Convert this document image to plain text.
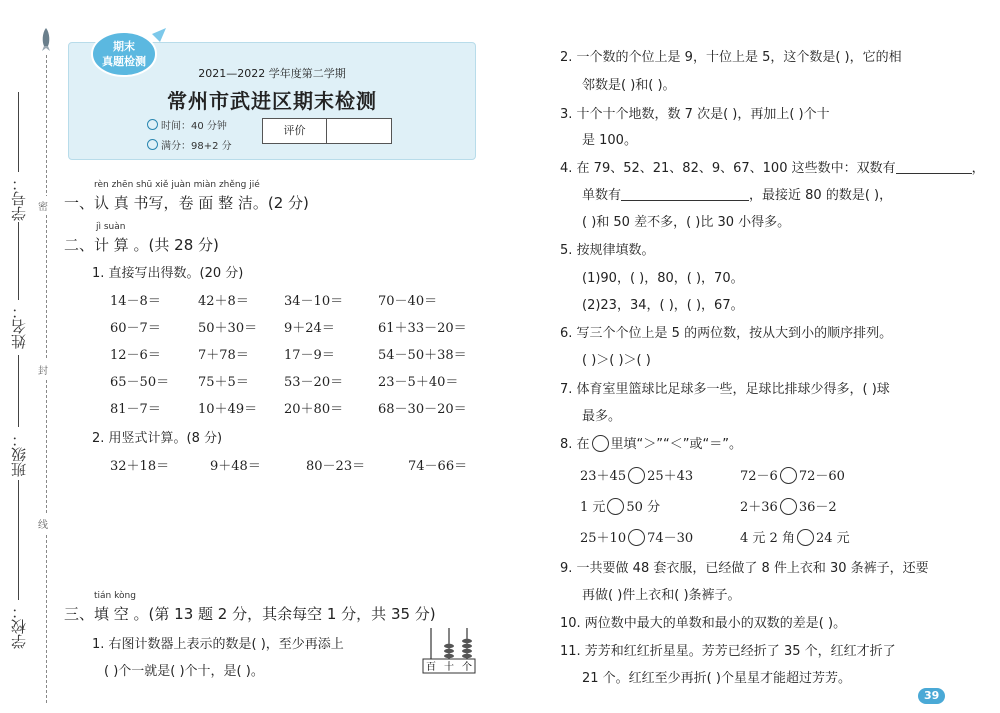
密
封
线
学号：
姓名：
班级：
学校：
2021—2022 学年度第二学期
常州市武进区期末检测
时间：40 分钟
满分：98+2 分
期末
真题检测
评价
rèn zhēn shū xiě juàn miàn zhěng jié
一、认 真 书写，卷 面 整 洁。(2 分)
jì suàn
二、计 算 。(共 28 分)
1. 直接写出得数。(20 分)
14－8＝	42＋8＝	34－10＝	70－40＝
60－7＝	50＋30＝ 9＋24＝	61＋33－20＝
12－6＝	7＋78＝	17－9＝	54－50＋38＝
65－50＝ 75＋5＝	53－20＝	23－5＋40＝
81－7＝	10＋49＝ 20＋80＝	68－30－20＝
2. 用竖式计算。(8 分)
32＋18＝	9＋48＝	80－23＝	74－66＝
tián kòng
三、填 空 。(第 13 题 2 分，其余每空 1 分，共 35 分)
1. 右图计数器上表示的数是( )，至少再添上
( )个一就是( )个十，是( )。	百 十 个
2. 一个数的个位上是 9，十位上是 5，这个数是( )，它的相
邻数是( )和( )。
3. 十个十个地数，数 7 次是( )，再加上( )个十
是 100。
4. 在 79、52、21、82、9、67、100 这些数中：双数有	，
单数有	，最接近 80 的数是( )，
( )和 50 差不多，( )比 30 小得多。
5. 按规律填数。
(1)90，( )，80，( )，70。
(2)23，34，( )，( )，67。
6. 写三个个位上是 5 的两位数，按从大到小的顺序排列。
( )＞( )＞( )
7. 体育室里篮球比足球多一些，足球比排球少得多，( )球
最多。
8. 在 里填“＞”“＜”或“＝”。
23＋45 25＋43	72－6 72－60
1 元 50 分	2＋36 36－2
25＋10 74－30	4 元 2 角 24 元
9. 一共要做 48 套衣服，已经做了 8 件上衣和 30 条裤子，还要
再做( )件上衣和( )条裤子。
10. 两位数中最大的单数和最小的双数的差是( )。
11. 芳芳和红红折星星。芳芳已经折了 35 个，红红才折了
21 个。红红至少再折( )个星星才能超过芳芳。
39
